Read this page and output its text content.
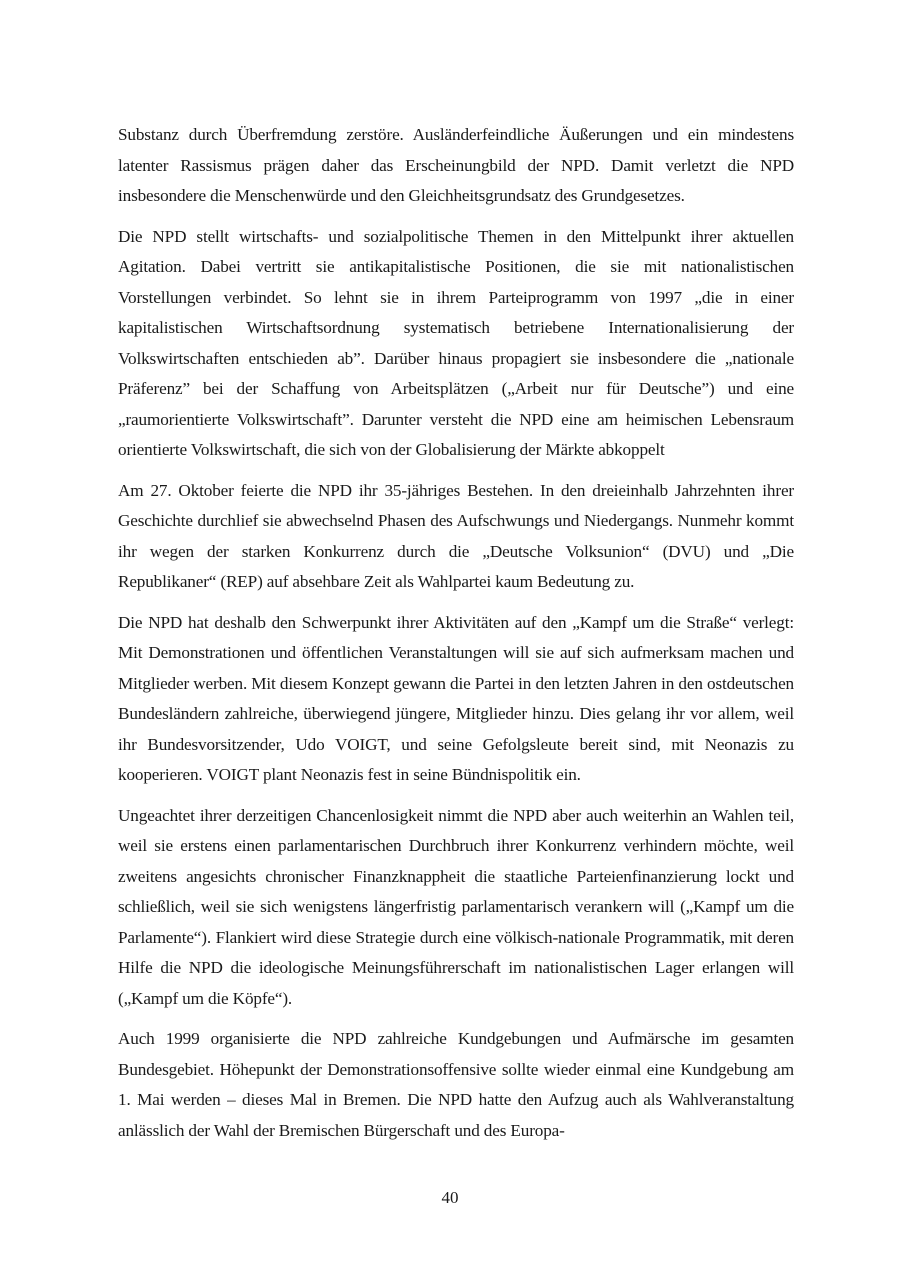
Substanz durch Überfremdung zerstöre. Ausländerfeindliche Äußerungen und ein mindestens latenter Rassismus prägen daher das Erscheinungbild der NPD. Damit verletzt die NPD insbesondere die Menschenwürde und den Gleichheitsgrundsatz des Grundgesetzes.

Die NPD stellt wirtschafts- und sozialpolitische Themen in den Mittelpunkt ihrer aktuellen Agitation. Dabei vertritt sie antikapitalistische Positionen, die sie mit nationalistischen Vorstellungen verbindet. So lehnt sie in ihrem Parteiprogramm von 1997 „die in einer kapitalistischen Wirtschaftsordnung systematisch betriebene Internationalisierung der Volkswirtschaften entschieden ab”. Darüber hinaus propagiert sie insbesondere die „nationale Präferenz” bei der Schaffung von Arbeitsplätzen („Arbeit nur für Deutsche”) und eine „raumorientierte Volkswirtschaft”. Darunter versteht die NPD eine am heimischen Lebensraum orientierte Volkswirtschaft, die sich von der Globalisierung der Märkte abkoppelt

Am 27. Oktober feierte die NPD ihr 35-jähriges Bestehen. In den dreieinhalb Jahrzehnten ihrer Geschichte durchlief sie abwechselnd Phasen des Aufschwungs und Niedergangs. Nunmehr kommt ihr wegen der starken Konkurrenz durch die „Deutsche Volksunion“ (DVU) und „Die Republikaner“ (REP) auf absehbare Zeit als Wahlpartei kaum Bedeutung zu.

Die NPD hat deshalb den Schwerpunkt ihrer Aktivitäten auf den „Kampf um die Straße“ verlegt: Mit Demonstrationen und öffentlichen Veranstaltungen will sie auf sich aufmerksam machen und Mitglieder werben. Mit diesem Konzept gewann die Partei in den letzten Jahren in den ostdeutschen Bundesländern zahlreiche, überwiegend jüngere, Mitglieder hinzu. Dies gelang ihr vor allem, weil ihr Bundesvorsitzender, Udo VOIGT, und seine Gefolgsleute bereit sind, mit Neonazis zu kooperieren. VOIGT plant Neonazis fest in seine Bündnispolitik ein.

Ungeachtet ihrer derzeitigen Chancenlosigkeit nimmt die NPD aber auch weiterhin an Wahlen teil, weil sie erstens einen parlamentarischen Durchbruch ihrer Konkurrenz verhindern möchte, weil zweitens angesichts chronischer Finanzknappheit die staatliche Parteienfinanzierung lockt und schließlich, weil sie sich wenigstens längerfristig parlamentarisch verankern will („Kampf um die Parlamente“). Flankiert wird diese Strategie durch eine völkisch-nationale Programmatik, mit deren Hilfe die NPD die ideologische Meinungsführerschaft im nationalistischen Lager erlangen will („Kampf um die Köpfe“).

Auch 1999 organisierte die NPD zahlreiche Kundgebungen und Aufmärsche im gesamten Bundesgebiet. Höhepunkt der Demonstrationsoffensive sollte wieder einmal eine Kundgebung am 1. Mai werden – dieses Mal in Bremen. Die NPD hatte den Aufzug auch als Wahlveranstaltung anlässlich der Wahl der Bremischen Bürgerschaft und des Europa-

40
